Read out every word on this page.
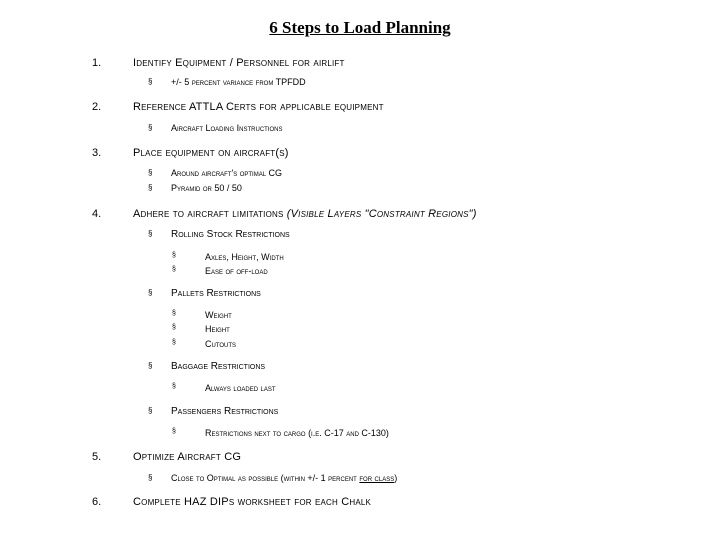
6 Steps to Load Planning
1.	Identify Equipment / Personnel for airlift
§ +/- 5 percent variance from TPFDD
2.	Reference ATTLA Certs for applicable equipment
§ Aircraft Loading Instructions
3.	Place equipment on aircraft(s)
§ Around aircraft's optimal CG
§ Pyramid or 50 / 50
4.	Adhere to aircraft limitations (Visible Layers "Constraint Regions")
§ Rolling Stock Restrictions
§	Axles, Height, Width
§	Ease of off-load
§ Pallets Restrictions
§	Weight
§	Height
§	Cutouts
§ Baggage Restrictions
§	Always loaded last
§ Passengers Restrictions
§	Restrictions next to cargo (i.e. C-17 and C-130)
5.	Optimize Aircraft CG
§ Close to Optimal as possible (within +/- 1 percent for class)
6.	Complete HAZ DIPs worksheet for each Chalk
